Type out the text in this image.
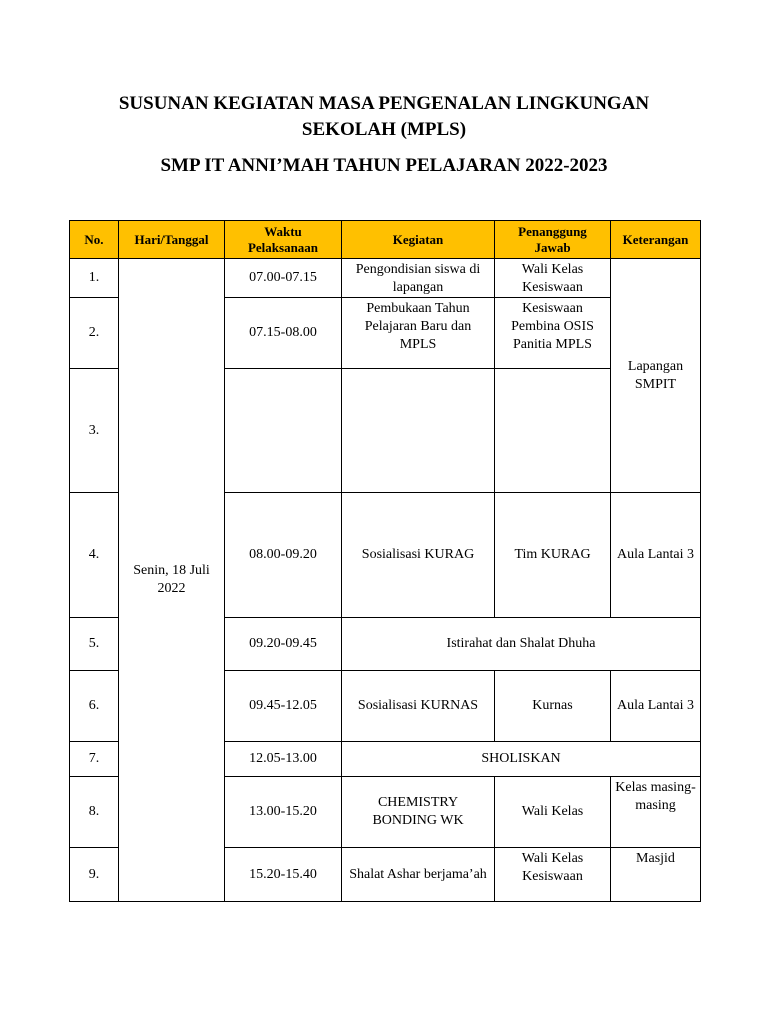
SUSUNAN KEGIATAN MASA PENGENALAN LINGKUNGAN
SEKOLAH (MPLS)
SMP IT ANNI’MAH TAHUN PELAJARAN 2022-2023
No.	Hari/Tanggal	Waktu Pelaksanaan	Kegiatan	Penanggung Jawab	Keterangan
1.	Senin, 18 Juli 2022	07.00-07.15	Pengondisian siswa di lapangan	Wali Kelas Kesiswaan	Lapangan SMPIT
2.		07.15-08.00	Pembukaan Tahun Pelajaran Baru dan MPLS	Kesiswaan Pembina OSIS Panitia MPLS	
3.					
4.		08.00-09.20	Sosialisasi KURAG	Tim KURAG	Aula Lantai 3
5.		09.20-09.45	Istirahat dan Shalat Dhuha		
6.		09.45-12.05	Sosialisasi KURNAS	Kurnas	Aula Lantai 3
7.		12.05-13.00	SHOLISKAN		
8.		13.00-15.20	CHEMISTRY BONDING WK	Wali Kelas	Kelas masing-masing
9.		15.20-15.40	Shalat Ashar berjama’ah	Wali Kelas Kesiswaan	Masjid
